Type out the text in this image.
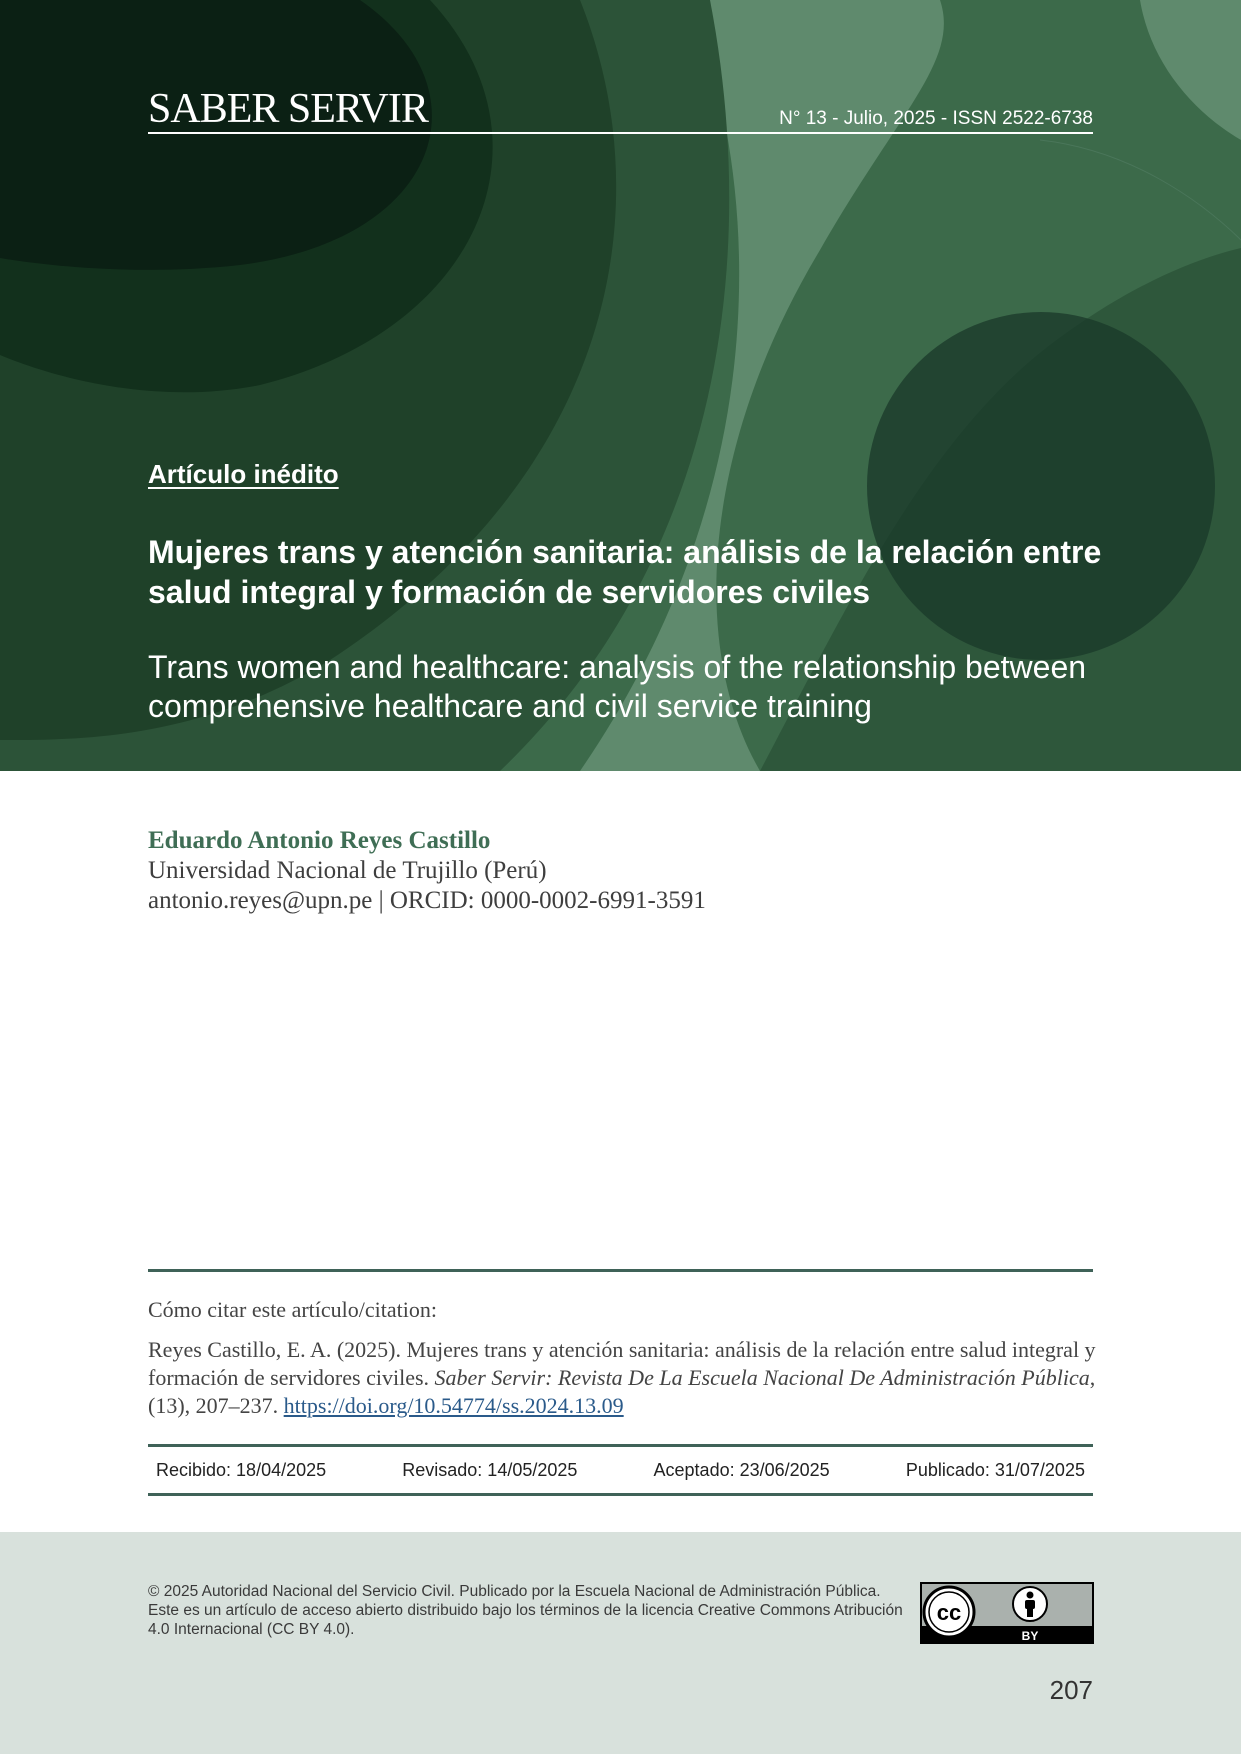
SABER SERVIR	N° 13 - Julio, 2025 - ISSN 2522-6738
Artículo inédito
Mujeres trans y atención sanitaria: análisis de la relación entre salud integral y formación de servidores civiles
Trans women and healthcare: analysis of the relationship between comprehensive healthcare and civil service training
Eduardo Antonio Reyes Castillo
Universidad Nacional de Trujillo (Perú)
antonio.reyes@upn.pe | ORCID: 0000-0002-6991-3591
Cómo citar este artículo/citation:
Reyes Castillo, E. A. (2025). Mujeres trans y atención sanitaria: análisis de la relación entre salud integral y formación de servidores civiles. Saber Servir: Revista De La Escuela Nacional De Administración Pública, (13), 207–237. https://doi.org/10.54774/ss.2024.13.09
Recibido: 18/04/2025	Revisado: 14/05/2025	Aceptado: 23/06/2025	Publicado: 31/07/2025
© 2025 Autoridad Nacional del Servicio Civil. Publicado por la Escuela Nacional de Administración Pública. Este es un artículo de acceso abierto distribuido bajo los términos de la licencia Creative Commons Atribución 4.0 Internacional (CC BY 4.0).
cc
BY
207
